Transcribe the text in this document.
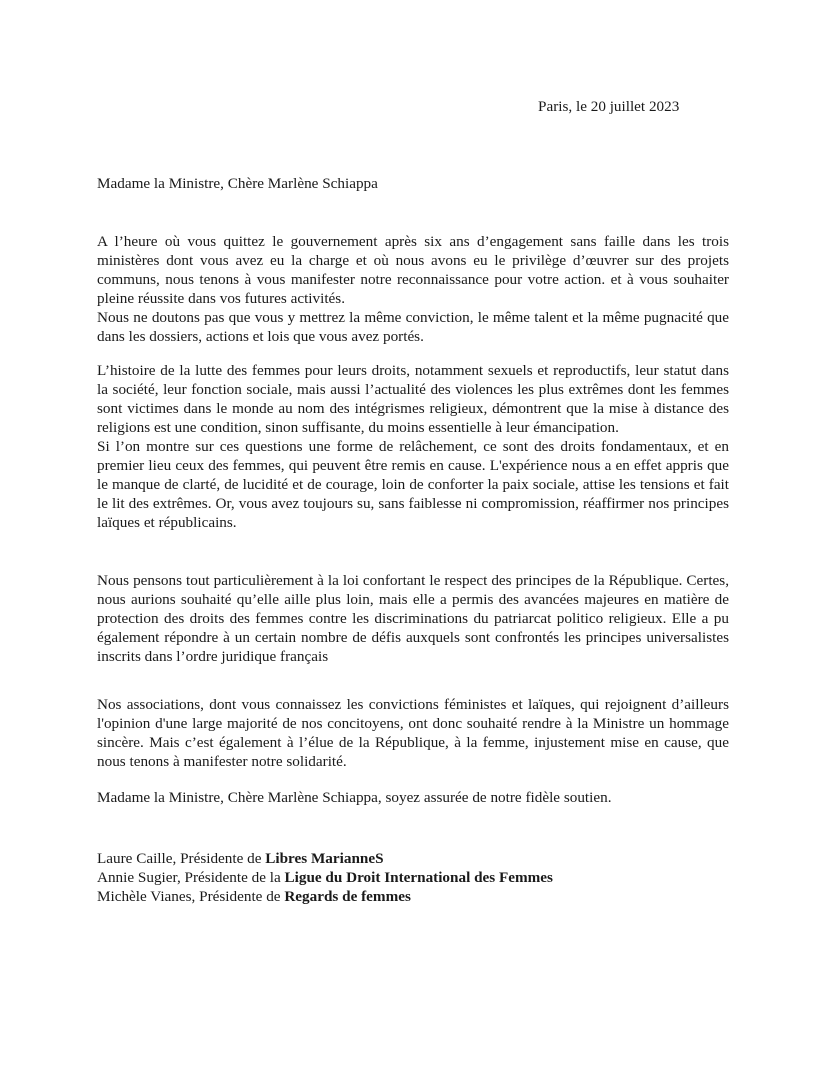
Paris, le 20 juillet 2023
Madame la Ministre, Chère Marlène Schiappa

A l’heure où vous quittez le gouvernement après six ans d’engagement sans faille dans les trois ministères dont vous avez eu la charge et où nous avons eu le privilège d’œuvrer sur des projets communs, nous tenons à vous manifester notre reconnaissance pour votre action. et à vous souhaiter pleine réussite dans vos futures activités.

Nous ne doutons pas que vous y mettrez la même conviction, le même talent et la même pugnacité que dans les dossiers, actions et lois que vous avez portés.

L’histoire de la lutte des femmes pour leurs droits, notamment sexuels et reproductifs, leur statut dans la société, leur fonction sociale, mais aussi l’actualité des violences les plus extrêmes dont les femmes sont victimes dans le monde au nom des intégrismes religieux, démontrent que la mise à distance des religions est une condition, sinon suffisante, du moins essentielle à leur émancipation.

Si l’on montre sur ces questions une forme de relâchement, ce sont des droits fondamentaux, et en premier lieu ceux des femmes, qui peuvent être remis en cause. L'expérience nous a en effet appris que le manque de clarté, de lucidité et de courage, loin de conforter la paix sociale, attise les tensions et fait le lit des extrêmes. Or, vous avez toujours su, sans faiblesse ni compromission, réaffirmer nos principes laïques et républicains.

Nous pensons tout particulièrement à la loi confortant le respect des principes de la République. Certes, nous aurions souhaité qu’elle aille plus loin, mais elle a permis des avancées majeures en matière de protection des droits des femmes contre les discriminations du patriarcat politico religieux. Elle a pu également répondre à un certain nombre de défis auxquels sont confrontés les principes universalistes inscrits dans l’ordre juridique français

Nos associations, dont vous connaissez les convictions féministes et laïques, qui rejoignent d’ailleurs l'opinion d'une large majorité de nos concitoyens, ont donc souhaité rendre à la Ministre un hommage sincère. Mais c’est également à l’élue de la République, à la femme, injustement mise en cause, que nous tenons à manifester notre solidarité.

Madame la Ministre, Chère Marlène Schiappa, soyez assurée de notre fidèle soutien.
Laure Caille, Présidente de Libres MarianneS
Annie Sugier, Présidente de la Ligue du Droit International des Femmes
Michèle Vianes, Présidente de Regards de femmes
